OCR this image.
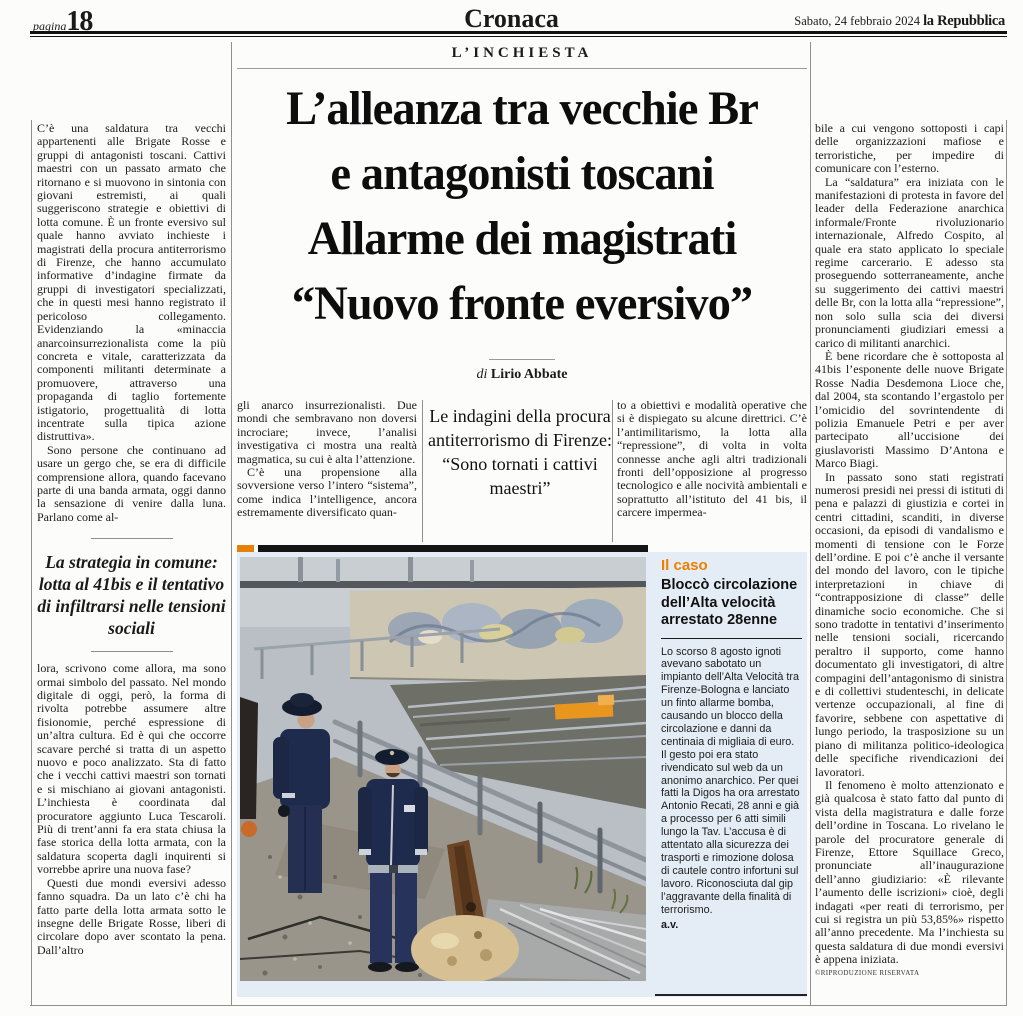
pagina18	Cronaca	Sabato, 24 febbraio 2024 la Repubblica
L’INCHIESTA
L’alleanza tra vecchie Br
e antagonisti toscani
Allarme dei magistrati
“Nuovo fronte eversivo”
di Lirio Abbate

C’è una saldatura tra vecchi appartenenti alle Brigate Rosse e gruppi di antagonisti toscani. Cattivi maestri con un passato armato che ritornano e si muovono in sintonia con giovani estremisti, ai quali suggeriscono strategie e obiettivi di lotta comune. È un fronte eversivo sul quale hanno avviato inchieste i magistrati della procura antiterrorismo di Firenze, che hanno accumulato informative d’indagine firmate da gruppi di investigatori specializzati, che in questi mesi hanno registrato il pericoloso collegamento. Evidenziando la «minaccia anarcoinsurrezionalista come la più concreta e vitale, caratterizzata da componenti militanti determinate a promuovere, attraverso una propaganda di taglio fortemente istigatorio, progettualità di lotta incentrate sulla tipica azione distruttiva».

Sono persone che continuano ad usare un gergo che, se era di difficile comprensione allora, quando facevano parte di una banda armata, oggi danno la sensazione di venire dalla luna. Parlano come al-

La strategia in comune: lotta al 41bis e il tentativo di infiltrarsi nelle tensioni sociali

lora, scrivono come allora, ma sono ormai simbolo del passato. Nel mondo digitale di oggi, però, la forma di rivolta potrebbe assumere altre fisionomie, perché espressione di un’altra cultura. Ed è qui che occorre scavare perché si tratta di un aspetto nuovo e poco analizzato. Sta di fatto che i vecchi cattivi maestri son tornati e si mischiano ai giovani antagonisti. L’inchiesta è coordinata dal procuratore aggiunto Luca Tescaroli. Più di trent’anni fa era stata chiusa la fase storica della lotta armata, con la saldatura scoperta dagli inquirenti si vorrebbe aprire una nuova fase?

Questi due mondi eversivi adesso fanno squadra. Da un lato c’è chi ha fatto parte della lotta armata sotto le insegne delle Brigate Rosse, liberi di circolare dopo aver scontato la pena. Dall’altro

gli anarco insurrezionalisti. Due mondi che sembravano non doversi incrociare; invece, l’analisi investigativa ci mostra una realtà magmatica, su cui è alta l’attenzione.

C’è una propensione alla sovversione verso l’intero “sistema”, come indica l’intelligence, ancora estremamente diversificato quan-

Le indagini della procura antiterrorismo di Firenze: “Sono tornati i cattivi maestri”

to a obiettivi e modalità operative che si è dispiegato su alcune direttrici. C’è l’antimilitarismo, la lotta alla “repressione”, di volta in volta connesse anche agli altri tradizionali fronti dell’opposizione al progresso tecnologico e alle nocività ambientali e soprattutto all’istituto del 41 bis, il carcere impermea-

bile a cui vengono sottoposti i capi delle organizzazioni mafiose e terroristiche, per impedire di comunicare con l’esterno.

La “saldatura” era iniziata con le manifestazioni di protesta in favore del leader della Federazione anarchica informale/Fronte rivoluzionario internazionale, Alfredo Cospito, al quale era stato applicato lo speciale regime carcerario. E adesso sta proseguendo sotterraneamente, anche su suggerimento dei cattivi maestri delle Br, con la lotta alla “repressione”, non solo sulla scia dei diversi pronunciamenti giudiziari emessi a carico di militanti anarchici.

È bene ricordare che è sottoposta al 41bis l’esponente delle nuove Brigate Rosse Nadia Desdemona Lioce che, dal 2004, sta scontando l’ergastolo per l’omicidio del sovrintendente di polizia Emanuele Petri e per aver partecipato all’uccisione dei giuslavoristi Massimo D’Antona e Marco Biagi.

In passato sono stati registrati numerosi presidi nei pressi di istituti di pena e palazzi di giustizia e cortei in centri cittadini, scanditi, in diverse occasioni, da episodi di vandalismo e momenti di tensione con le Forze dell’ordine. E poi c’è anche il versante del mondo del lavoro, con le tipiche interpretazioni in chiave di “contrapposizione di classe” delle dinamiche socio economiche. Che si sono tradotte in tentativi d’inserimento nelle tensioni sociali, ricercando peraltro il supporto, come hanno documentato gli investigatori, di altre compagini dell’antagonismo di sinistra e di collettivi studenteschi, in delicate vertenze occupazionali, al fine di favorire, sebbene con aspettative di lungo periodo, la trasposizione su un piano di militanza politico-ideologica delle specifiche rivendicazioni dei lavoratori.

Il fenomeno è molto attenzionato e già qualcosa è stato fatto dal punto di vista della magistratura e dalle forze dell’ordine in Toscana. Lo rivelano le parole del procuratore generale di Firenze, Ettore Squillace Greco, pronunciate all’inaugurazione dell’anno giudiziario: «È rilevante l’aumento delle iscrizioni» cioè, degli indagati «per reati di terrorismo, per cui si registra un più 53,85%» rispetto all’anno precedente. Ma l’inchiesta su questa saldatura di due mondi eversivi è appena iniziata.

©RIPRODUZIONE RISERVATA

Il caso

Bloccò circolazione dell’Alta velocità arrestato 28enne

Lo scorso 8 agosto ignoti avevano sabotato un impianto dell’Alta Velocità tra Firenze-Bologna e lanciato un finto allarme bomba, causando un blocco della circolazione e danni da centinaia di migliaia di euro. Il gesto poi era stato rivendicato sul web da un anonimo anarchico. Per quei fatti la Digos ha ora arrestato Antonio Recati, 28 anni e già a processo per 6 atti simili lungo la Tav. L’accusa è di attentato alla sicurezza dei trasporti e rimozione dolosa di cautele contro infortuni sul lavoro. Riconosciuta dal gip l’aggravante della finalità di terrorismo.

a.v.
